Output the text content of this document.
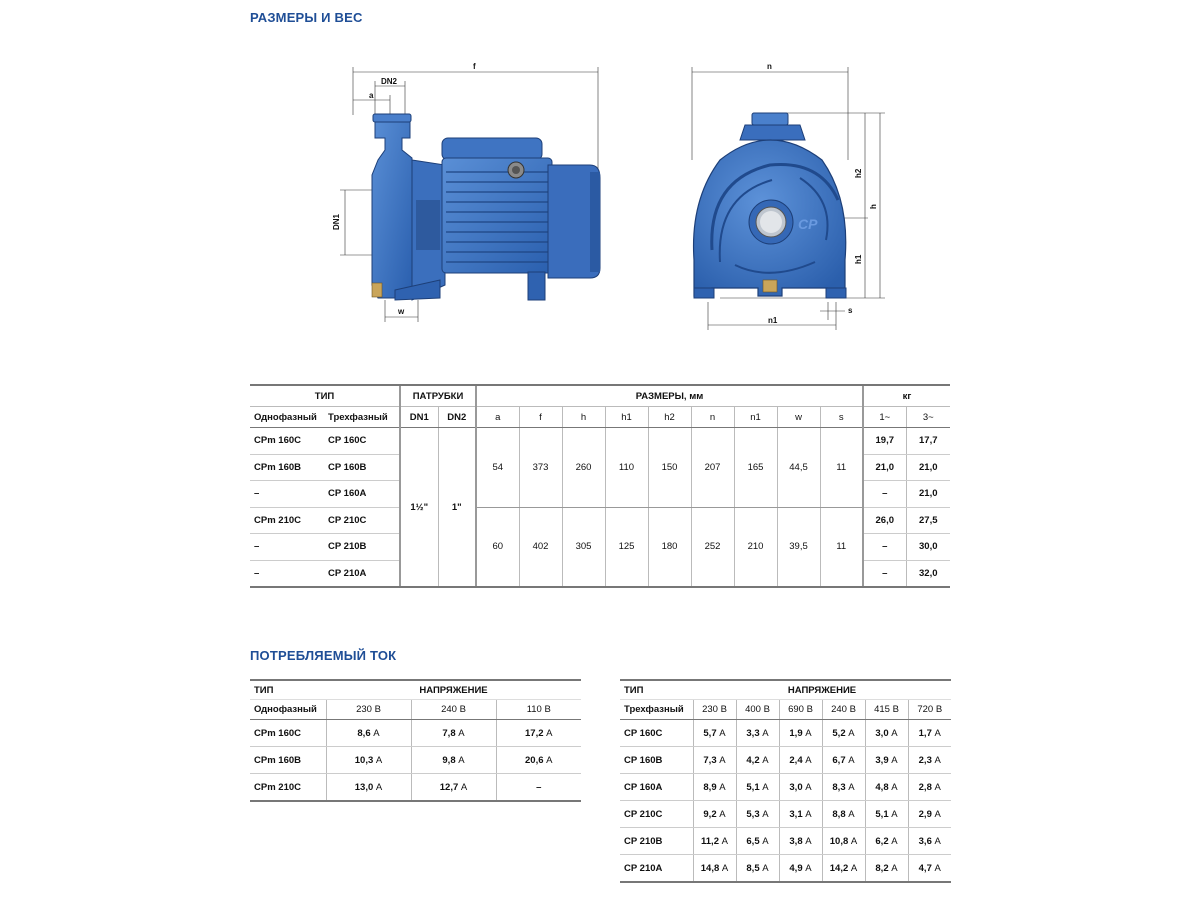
РАЗМЕРЫ И ВЕС
CP
f
DN2
a
DN1
w
n
h2
h
h1
n1
s
ТИП		ПАТРУБКИ		РАЗМЕРЫ, мм									кг	
Однофазный	Трехфазный	DN1	DN2	a	f	h	h1	h2	n	n1	w	s	1~	3~
CPm 160C	CP 160C	1½"	1"	54	373	260	110	150	207	165	44,5	11	19,7	17,7
CPm 160B	CP 160B												21,0	21,0
–	CP 160A												–	21,0
CPm 210C	CP 210C			60	402	305	125	180	252	210	39,5	11	26,0	27,5
–	CP 210B												–	30,0
–	CP 210A												–	32,0
ПОТРЕБЛЯЕМЫЙ ТОК
ТИП	НАПРЯЖЕНИЕ		
Однофазный	230 В	240 В	110 В
CPm 160C	8,6 A	7,8 A	17,2 A
CPm 160B	10,3 A	9,8 A	20,6 A
CPm 210C	13,0 A	12,7 A	–
ТИП	НАПРЯЖЕНИЕ					
Трехфазный	230 В	400 В	690 В	240 В	415 В	720 В
CP 160C	5,7 A	3,3 A	1,9 A	5,2 A	3,0 A	1,7 A
CP 160B	7,3 A	4,2 A	2,4 A	6,7 A	3,9 A	2,3 A
CP 160A	8,9 A	5,1 A	3,0 A	8,3 A	4,8 A	2,8 A
CP 210C	9,2 A	5,3 A	3,1 A	8,8 A	5,1 A	2,9 A
CP 210B	11,2 A	6,5 A	3,8 A	10,8 A	6,2 A	3,6 A
CP 210A	14,8 A	8,5 A	4,9 A	14,2 A	8,2 A	4,7 A
